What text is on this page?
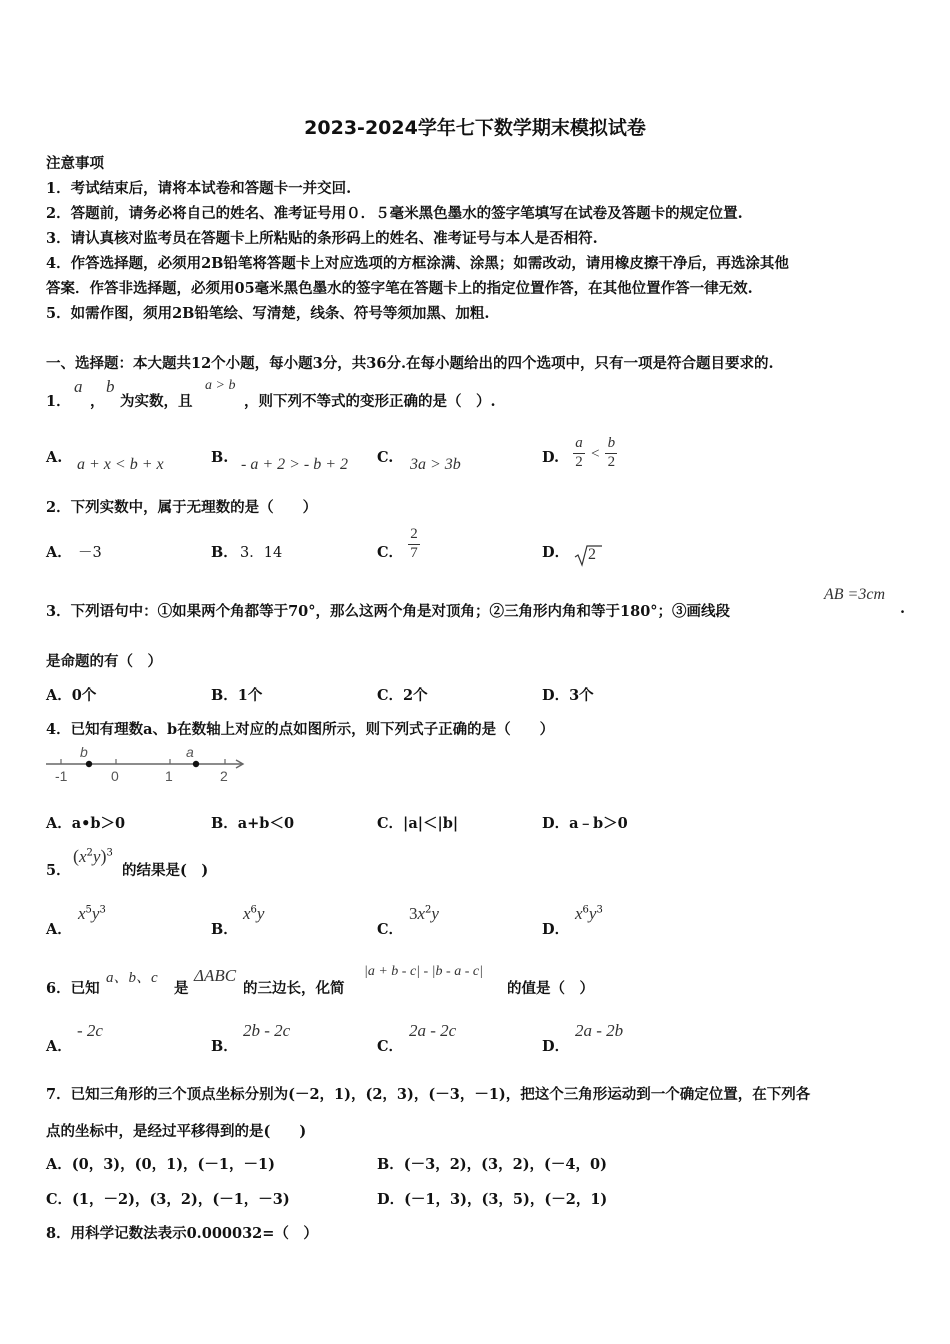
2023-2024学年七下数学期末模拟试卷
注意事项
1．考试结束后，请将本试卷和答题卡一并交回.
2．答题前，请务必将自己的姓名、准考证号用０．５毫米黑色墨水的签字笔填写在试卷及答题卡的规定位置.
3．请认真核对监考员在答题卡上所粘贴的条形码上的姓名、准考证号与本人是否相符.
4．作答选择题，必须用2B铅笔将答题卡上对应选项的方框涂满、涂黑；如需改动，请用橡皮擦干净后，再选涂其他
答案．作答非选择题，必须用05毫米黑色墨水的签字笔在答题卡上的指定位置作答，在其他位置作答一律无效.
5．如需作图，须用2B铅笔绘、写清楚，线条、符号等须加黑、加粗.
一、选择题：本大题共12个小题，每小题3分，共36分.在每小题给出的四个选项中，只有一项是符合题目要求的.
1．
a
，
b
为实数，且
a > b
，则下列不等式的变形正确的是（　）.
A. a + x < b + x	B. - a + 2 > - b + 2 C. 3a > 3b	D. $\frac{a}{2} < \frac{b}{2}$
2．下列实数中，属于无理数的是（　　）
A． －3	B． 3．14	C． $\frac{2}{7}$	D． 2
3．下列语句中：①如果两个角都等于70°，那么这两个角是对顶角；②三角形内角和等于180°；③画线段
AB =3cm
.
是命题的有（　）
A．0个	B．1个	C．2个	D．3个
4．已知有理数a、b在数轴上对应的点如图所示，则下列式子正确的是（　　）
-1	0	1	2
b	a
A．a•b＞0	B．a+b＜0	C．|a|＜|b|	D．a﹣b＞0
5．
$(x^2y)^3$
的结果是(　)
A．
$x^5y^3$
B．
$x^6y$
C．
$3x^2y$
D．
$x^6y^3$
6．已知
a、b、c
是
ΔABC
的三边长，化简
|a + b - c| - |b - a - c|
的值是（　）
A．
- 2c
B．
2b - 2c
C．
2a - 2c
D．
2a - 2b
7．已知三角形的三个顶点坐标分别为(－2，1)，(2，3)，(－3，－1)，把这个三角形运动到一个确定位置，在下列各
点的坐标中，是经过平移得到的是(　　)
A．(0，3)，(0，1)，(－1，－1)	B．(－3，2)，(3，2)，(－4，0)
C．(1，－2)，(3，2)，(－1，－3)	D．(－1，3)，(3，5)，(－2，1)
8．用科学记数法表示0.000032=（　）
